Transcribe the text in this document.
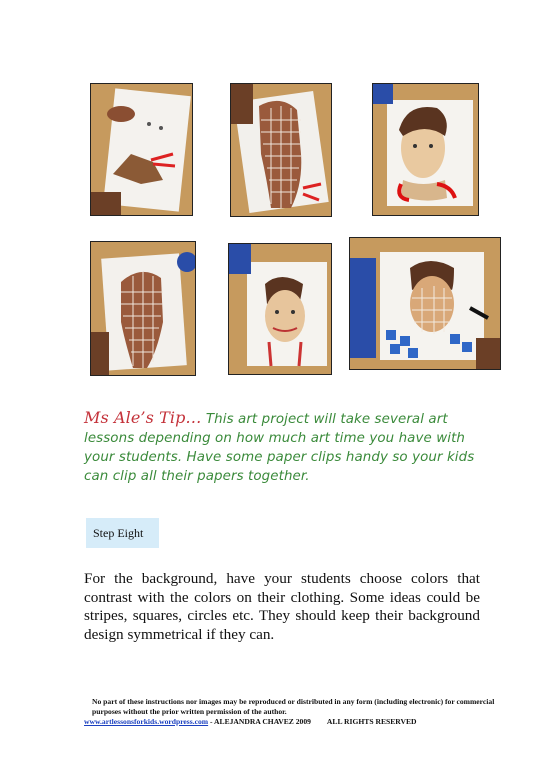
Ms Ale’s Tip… This art project will take several art lessons depending on how much art time you have with your students. Have some paper clips handy so your kids can clip all their papers together.
Step Eight
For the background, have your students choose colors that contrast with the colors on their clothing. Some ideas could be stripes, squares, circles etc. They should keep their background design symmetrical if they can.
No part of these instructions nor images may be reproduced or distributed in any form (including electronic) for commercial purposes without the prior written permission of the author.
www.artlessonsforkids.wordpress.com - ALEJANDRA CHAVEZ 2009 ALL RIGHTS RESERVED
